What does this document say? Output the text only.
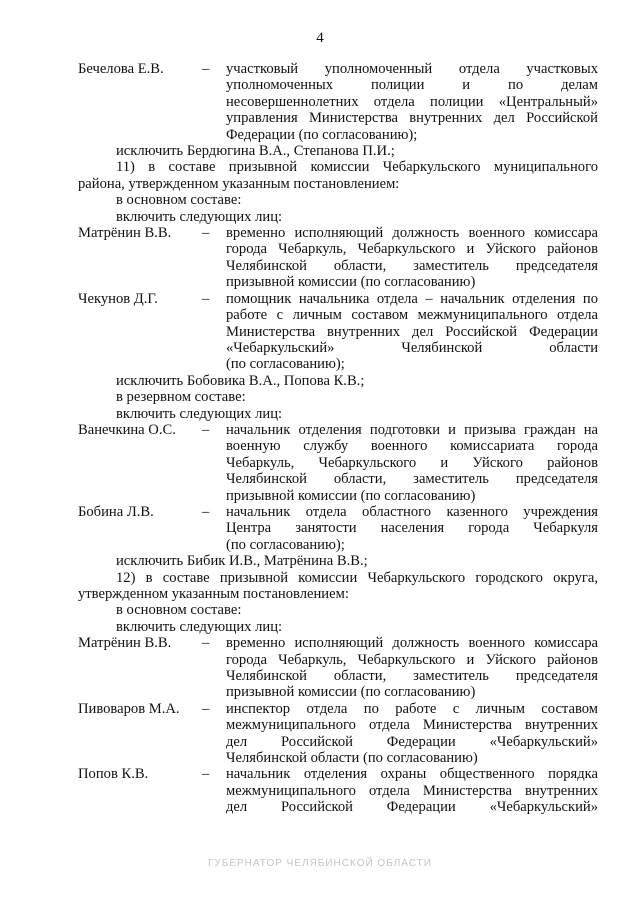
4
Бечелова Е.В.	–	участковый уполномоченный отдела участковых
уполномоченных полиции и по делам
несовершеннолетних отдела полиции «Центральный»
управления Министерства внутренних дел Российской
Федерации (по согласованию);
исключить Бердюгина В.А., Степанова П.И.;
11) в составе призывной комиссии Чебаркульского муниципального
района, утвержденном указанным постановлением:
в основном составе:
включить следующих лиц:
Матрёнин В.В.	–	временно исполняющий должность военного комиссара
города Чебаркуль, Чебаркульского и Уйского районов
Челябинской области, заместитель председателя
призывной комиссии (по согласованию)
Чекунов Д.Г.	–	помощник начальника отдела – начальник отделения по
работе с личным составом межмуниципального отдела
Министерства внутренних дел Российской Федерации
«Чебаркульский» Челябинской области
(по согласованию);
исключить Бобовика В.А., Попова К.В.;
в резервном составе:
включить следующих лиц:
Ванечкина О.С.	–	начальник отделения подготовки и призыва граждан на
военную службу военного комиссариата города
Чебаркуль, Чебаркульского и Уйского районов
Челябинской области, заместитель председателя
призывной комиссии (по согласованию)
Бобина Л.В.	–	начальник отдела областного казенного учреждения
Центра занятости населения города Чебаркуля
(по согласованию);
исключить Бибик И.В., Матрёнина В.В.;
12) в составе призывной комиссии Чебаркульского городского округа,
утвержденном указанным постановлением:
в основном составе:
включить следующих лиц:
Матрёнин В.В.	–	временно исполняющий должность военного комиссара
города Чебаркуль, Чебаркульского и Уйского районов
Челябинской области, заместитель председателя
призывной комиссии (по согласованию)
Пивоваров М.А.	–	инспектор отдела по работе с личным составом
межмуниципального отдела Министерства внутренних
дел Российской Федерации «Чебаркульский»
Челябинской области (по согласованию)
Попов К.В.	–	начальник отделения охраны общественного порядка
межмуниципального отдела Министерства внутренних
дел Российской Федерации «Чебаркульский»
ГУБЕРНАТОР ЧЕЛЯБИНСКОЙ ОБЛАСТИ
